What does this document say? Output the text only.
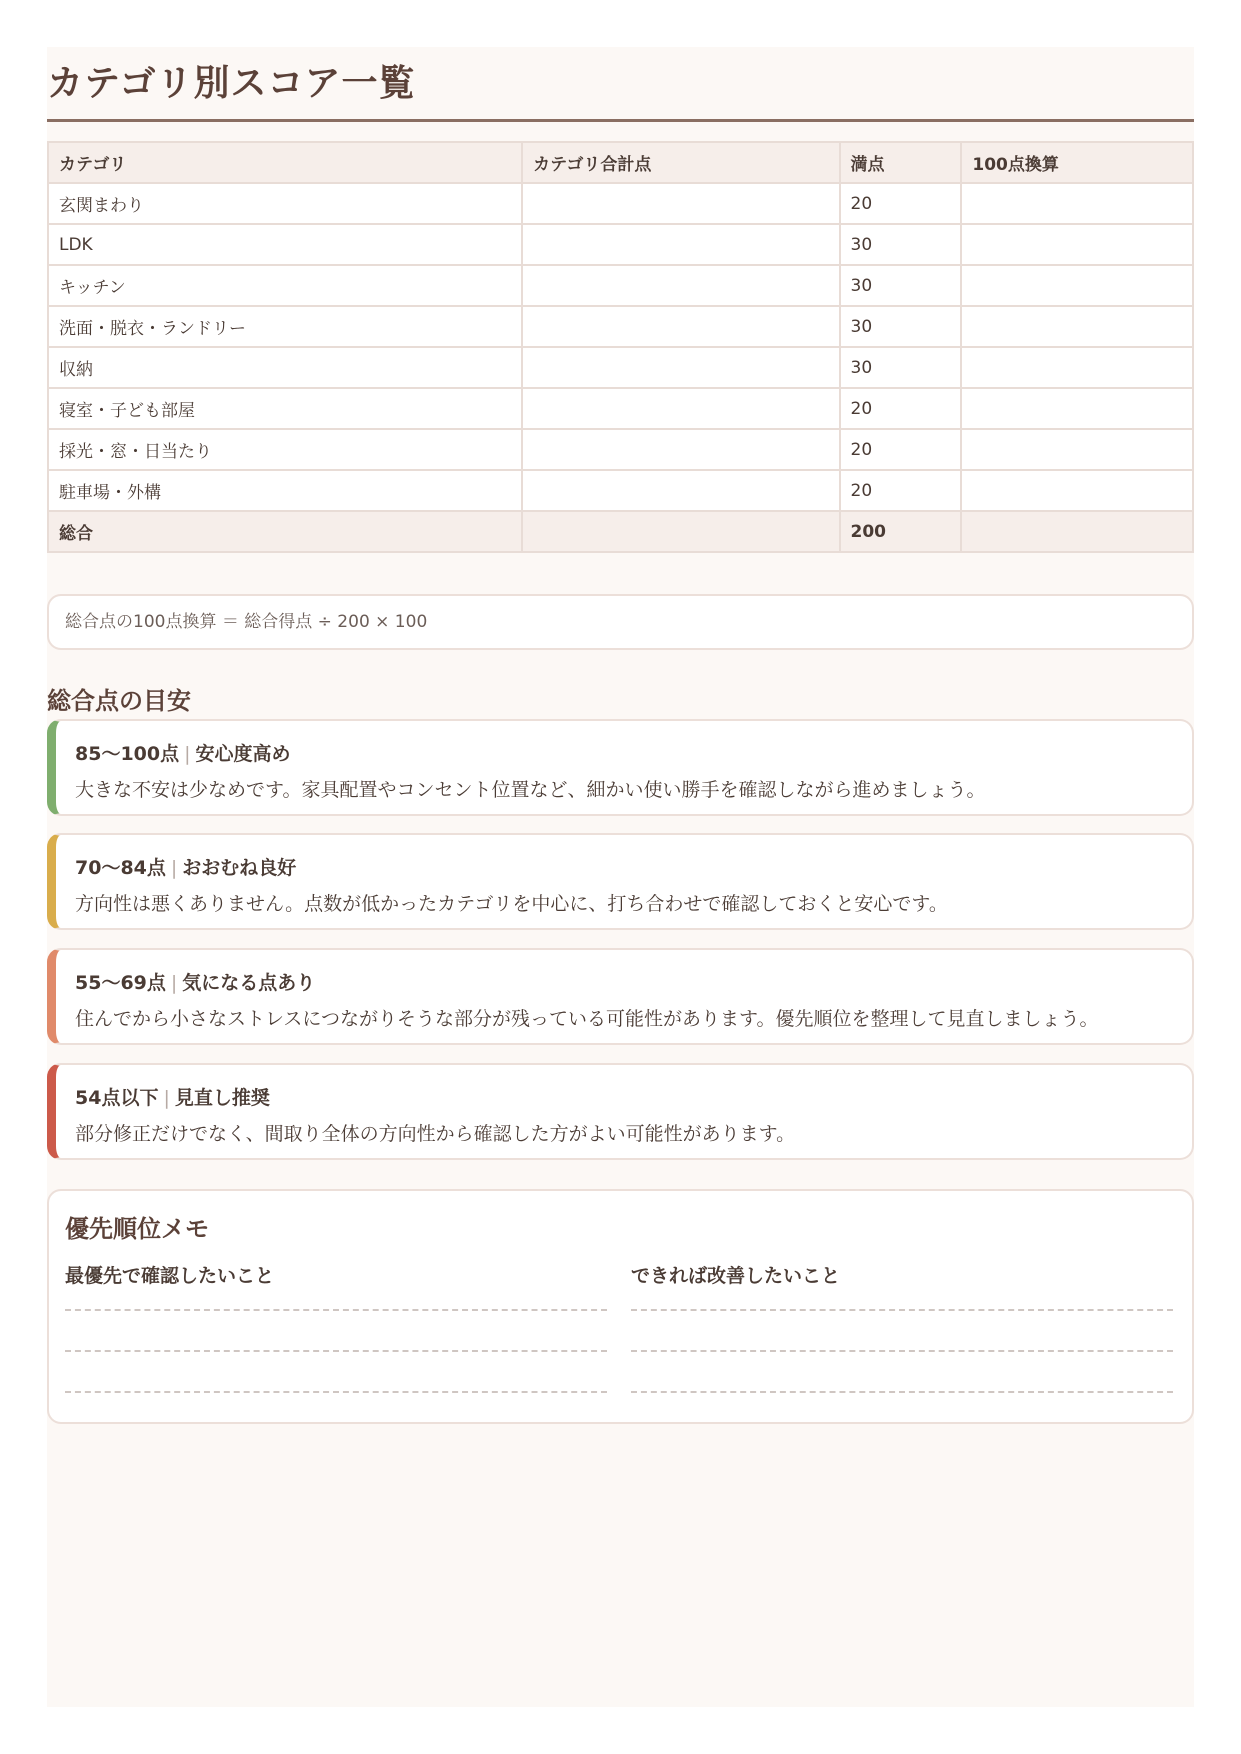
カテゴリ別スコア一覧
カテゴリ	カテゴリ合計点	満点	100点換算
玄関まわり		20	
LDK		30	
キッチン		30	
洗面・脱衣・ランドリー		30	
収納		30	
寝室・子ども部屋		20	
採光・窓・日当たり		20	
駐車場・外構		20	
総合		200	
総合点の100点換算 ＝ 総合得点 ÷ 200 × 100
総合点の目安
85〜100点 | 安心度高め
大きな不安は少なめです。家具配置やコンセント位置など、細かい使い勝手を確認しながら進めましょう。
70〜84点 | おおむね良好
方向性は悪くありません。点数が低かったカテゴリを中心に、打ち合わせで確認しておくと安心です。
55〜69点 | 気になる点あり
住んでから小さなストレスにつながりそうな部分が残っている可能性があります。優先順位を整理して見直しましょう。
54点以下 | 見直し推奨
部分修正だけでなく、間取り全体の方向性から確認した方がよい可能性があります。
優先順位メモ
最優先で確認したいこと	できれば改善したいこと
